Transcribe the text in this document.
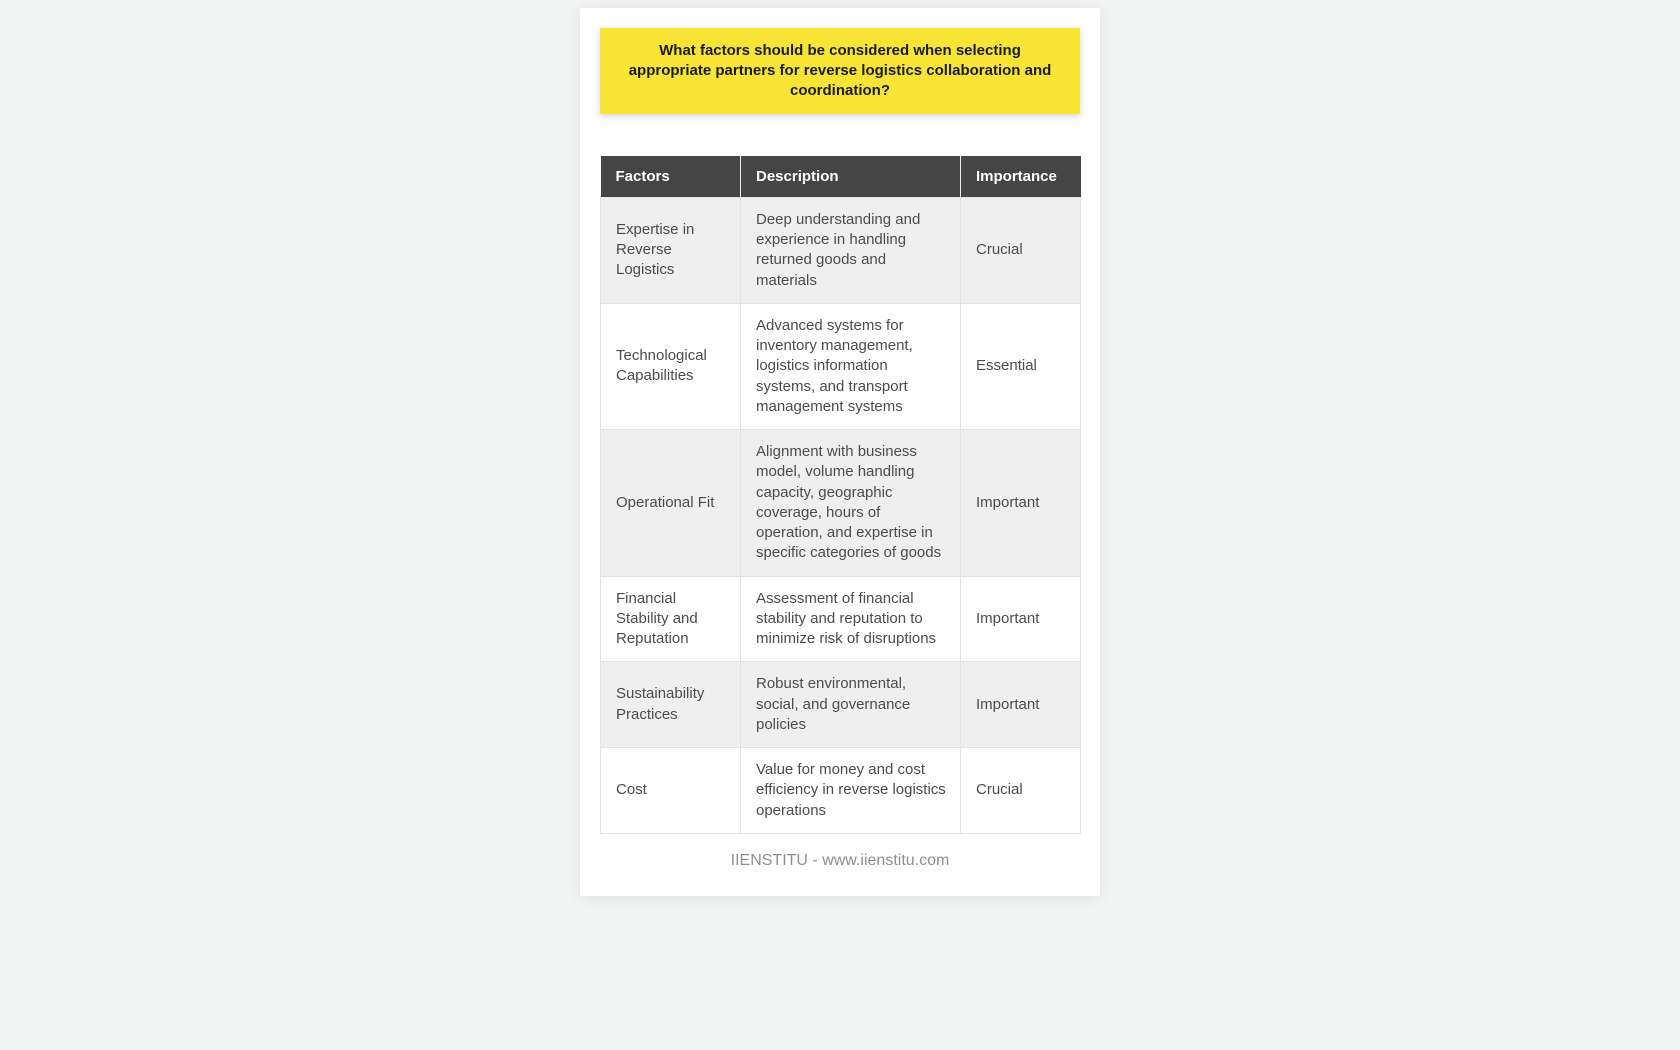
What factors should be considered when selecting appropriate partners for reverse logistics collaboration and coordination?
Factors	Description	Importance
Expertise in Reverse Logistics	Deep understanding and experience in handling returned goods and materials	Crucial
Technological Capabilities	Advanced systems for inventory management, logistics information systems, and transport management systems	Essential
Operational Fit	Alignment with business model, volume handling capacity, geographic coverage, hours of operation, and expertise in specific categories of goods	Important
Financial Stability and Reputation	Assessment of financial stability and reputation to minimize risk of disruptions	Important
Sustainability Practices	Robust environmental, social, and governance policies	Important
Cost	Value for money and cost efficiency in reverse logistics operations	Crucial
IIENSTITU - www.iienstitu.com
